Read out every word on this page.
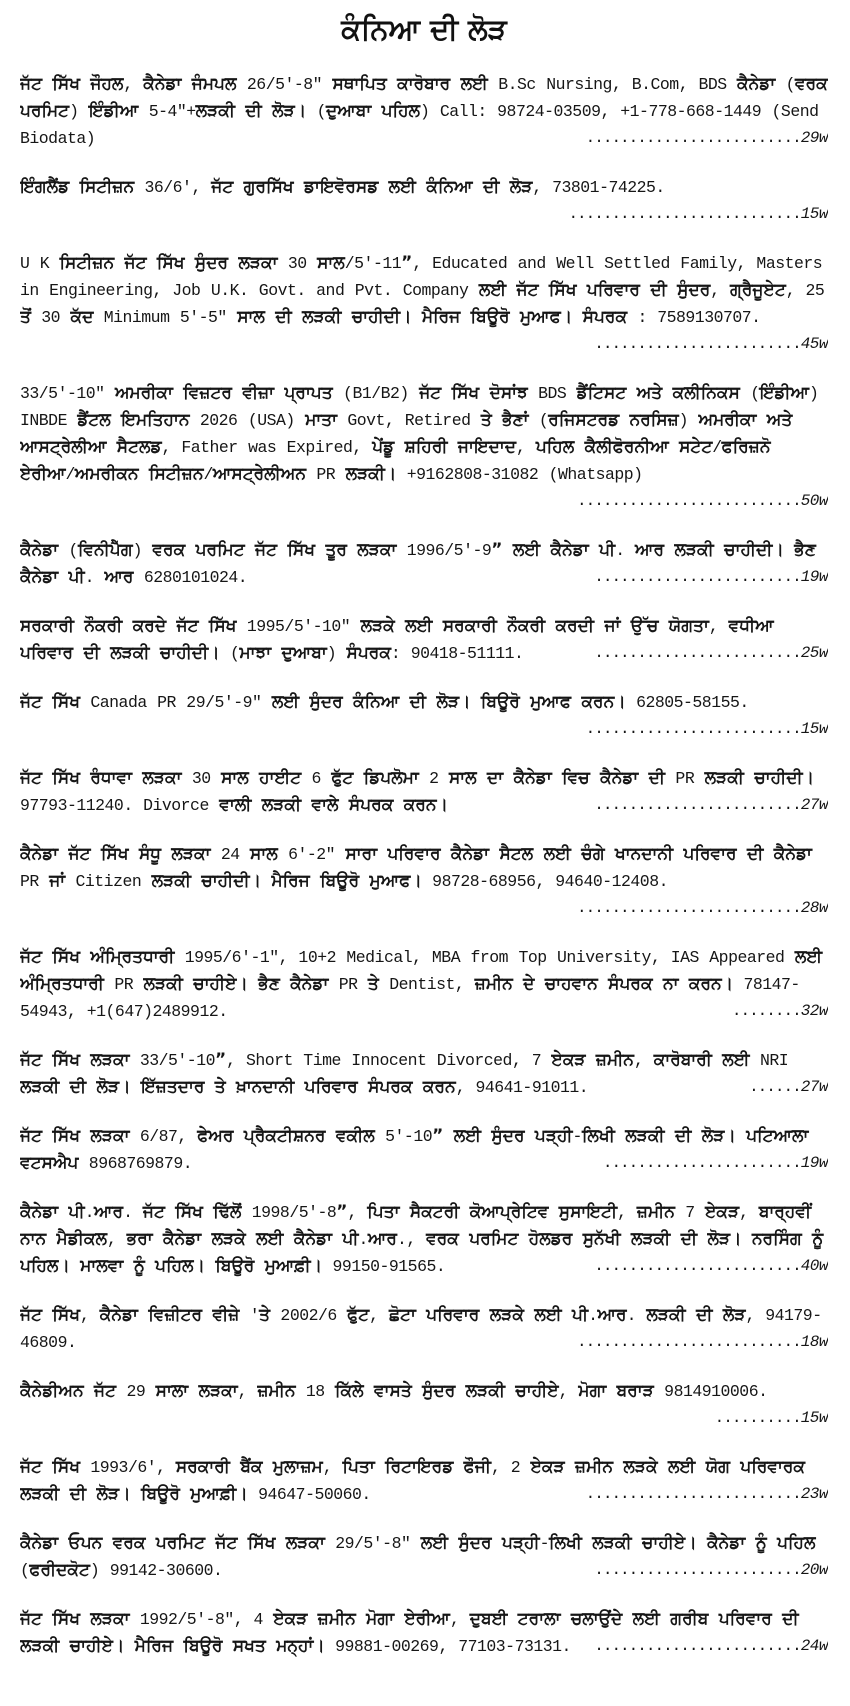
ਕੰਨਿਆ ਦੀ ਲੋੜ

ਜੱਟ ਸਿੱਖ ਜੌਹਲ, ਕੈਨੇਡਾ ਜੰਮਪਲ 26/5'-8" ਸਥਾਪਿਤ ਕਾਰੋਬਾਰ ਲਈ B.Sc Nursing, B.Com, BDS ਕੈਨੇਡਾ (ਵਰਕ ਪਰਮਿਟ) ਇੰਡੀਆ 5-4"+ਲੜਕੀ ਦੀ ਲੋੜ। (ਦੁਆਬਾ ਪਹਿਲ) Call: 98724-03509, +1-778-668-1449 (Send Biodata)	.........................29w

ਇੰਗਲੈਂਡ ਸਿਟੀਜ਼ਨ 36/6', ਜੱਟ ਗੁਰਸਿੱਖ ਡਾਇਵੋਰਸਡ ਲਈ ਕੰਨਿਆ ਦੀ ਲੋੜ, 73801-74225.
...........................15w

U K ਸਿਟੀਜ਼ਨ ਜੱਟ ਸਿੱਖ ਸੁੰਦਰ ਲੜਕਾ 30 ਸਾਲ/5'-11”, Educated and Well Settled Family, Masters in Engineering, Job U.K. Govt. and Pvt. Company ਲਈ ਜੱਟ ਸਿੱਖ ਪਰਿਵਾਰ ਦੀ ਸੁੰਦਰ, ਗ੍ਰੈਜੂਏਟ, 25 ਤੋਂ 30 ਕੱਦ Minimum 5'-5" ਸਾਲ ਦੀ ਲੜਕੀ ਚਾਹੀਦੀ। ਮੈਰਿਜ ਬਿਊਰੋ ਮੁਆਫ। ਸੰਪਰਕ : 7589130707.
........................45w

33/5'-10" ਅਮਰੀਕਾ ਵਿਜ਼ਟਰ ਵੀਜ਼ਾ ਪ੍ਰਾਪਤ (B1/B2) ਜੱਟ ਸਿੱਖ ਦੋਸਾਂਝ BDS ਡੈਂਟਿਸਟ ਅਤੇ ਕਲੀਨਿਕਸ (ਇੰਡੀਆ) INBDE ਡੈਂਟਲ ਇਮਤਿਹਾਨ 2026 (USA) ਮਾਤਾ Govt, Retired ਤੇ ਭੈਣਾਂ (ਰਜਿਸਟਰਡ ਨਰਸਿਜ਼) ਅਮਰੀਕਾ ਅਤੇ ਆਸਟ੍ਰੇਲੀਆ ਸੈਟਲਡ, Father was Expired, ਪੇਂਡੂ ਸ਼ਹਿਰੀ ਜਾਇਦਾਦ, ਪਹਿਲ ਕੈਲੀਫੋਰਨੀਆ ਸਟੇਟ/ਫਰਿਜ਼ਨੋ ਏਰੀਆ/ਅਮਰੀਕਨ ਸਿਟੀਜ਼ਨ/ਆਸਟ੍ਰੇਲੀਅਨ PR ਲੜਕੀ। +9162808-31082 (Whatsapp)
..........................50w

ਕੈਨੇਡਾ (ਵਿਨੀਪੈੱਗ) ਵਰਕ ਪਰਮਿਟ ਜੱਟ ਸਿੱਖ ਤੂਰ ਲੜਕਾ 1996/5'-9” ਲਈ ਕੈਨੇਡਾ ਪੀ. ਆਰ ਲੜਕੀ ਚਾਹੀਦੀ। ਭੈਣ ਕੈਨੇਡਾ ਪੀ. ਆਰ 6280101024.	........................19w

ਸਰਕਾਰੀ ਨੌਕਰੀ ਕਰਦੇ ਜੱਟ ਸਿੱਖ 1995/5'-10" ਲੜਕੇ ਲਈ ਸਰਕਾਰੀ ਨੌਕਰੀ ਕਰਦੀ ਜਾਂ ਉੱਚ ਯੋਗਤਾ, ਵਧੀਆ ਪਰਿਵਾਰ ਦੀ ਲੜਕੀ ਚਾਹੀਦੀ। (ਮਾਝਾ ਦੁਆਬਾ) ਸੰਪਰਕ: 90418-51111.	........................25w

ਜੱਟ ਸਿੱਖ Canada PR 29/5'-9" ਲਈ ਸੁੰਦਰ ਕੰਨਿਆ ਦੀ ਲੋੜ। ਬਿਊਰੋ ਮੁਆਫ ਕਰਨ। 62805-58155.
.........................15w

ਜੱਟ ਸਿੱਖ ਰੰਧਾਵਾ ਲੜਕਾ 30 ਸਾਲ ਹਾਈਟ 6 ਫੁੱਟ ਡਿਪਲੋਮਾ 2 ਸਾਲ ਦਾ ਕੈਨੇਡਾ ਵਿਚ ਕੈਨੇਡਾ ਦੀ PR ਲੜਕੀ ਚਾਹੀਦੀ। 97793-11240. Divorce ਵਾਲੀ ਲੜਕੀ ਵਾਲੇ ਸੰਪਰਕ ਕਰਨ।	........................27w

ਕੈਨੇਡਾ ਜੱਟ ਸਿੱਖ ਸੰਧੂ ਲੜਕਾ 24 ਸਾਲ 6'-2" ਸਾਰਾ ਪਰਿਵਾਰ ਕੈਨੇਡਾ ਸੈਟਲ ਲਈ ਚੰਗੇ ਖਾਨਦਾਨੀ ਪਰਿਵਾਰ ਦੀ ਕੈਨੇਡਾ PR ਜਾਂ Citizen ਲੜਕੀ ਚਾਹੀਦੀ। ਮੈਰਿਜ ਬਿਊਰੋ ਮੁਆਫ। 98728-68956, 94640-12408.
..........................28w

ਜੱਟ ਸਿੱਖ ਅੰਮ੍ਰਿਤਧਾਰੀ 1995/6'-1", 10+2 Medical, MBA from Top University, IAS Appeared ਲਈ ਅੰਮ੍ਰਿਤਧਾਰੀ PR ਲੜਕੀ ਚਾਹੀਏ। ਭੈਣ ਕੈਨੇਡਾ PR ਤੇ Dentist, ਜ਼ਮੀਨ ਦੇ ਚਾਹਵਾਨ ਸੰਪਰਕ ਨਾ ਕਰਨ। 78147-54943, +1(647)2489912.	........32w

ਜੱਟ ਸਿੱਖ ਲੜਕਾ 33/5'-10”, Short Time Innocent Divorced, 7 ਏਕੜ ਜ਼ਮੀਨ, ਕਾਰੋਬਾਰੀ ਲਈ NRI ਲੜਕੀ ਦੀ ਲੋੜ। ਇੱਜ਼ਤਦਾਰ ਤੇ ਖ਼ਾਨਦਾਨੀ ਪਰਿਵਾਰ ਸੰਪਰਕ ਕਰਨ, 94641-91011.	......27w

ਜੱਟ ਸਿੱਖ ਲੜਕਾ 6/87, ਫੇਅਰ ਪ੍ਰੈਕਟੀਸ਼ਨਰ ਵਕੀਲ 5'-10” ਲਈ ਸੁੰਦਰ ਪੜ੍ਹੀ-ਲਿਖੀ ਲੜਕੀ ਦੀ ਲੋੜ। ਪਟਿਆਲਾ ਵਟਸਐਪ 8968769879.	.......................19w

ਕੈਨੇਡਾ ਪੀ.ਆਰ. ਜੱਟ ਸਿੱਖ ਢਿੱਲੋਂ 1998/5'-8”, ਪਿਤਾ ਸੈਕਟਰੀ ਕੋਆਪ੍ਰੇਟਿਵ ਸੁਸਾਇਟੀ, ਜ਼ਮੀਨ 7 ਏਕੜ, ਬਾਰ੍ਹਵੀਂ ਨਾਨ ਮੈਡੀਕਲ, ਭਰਾ ਕੈਨੇਡਾ ਲੜਕੇ ਲਈ ਕੈਨੇਡਾ ਪੀ.ਆਰ., ਵਰਕ ਪਰਮਿਟ ਹੋਲਡਰ ਸੁਨੱਖੀ ਲੜਕੀ ਦੀ ਲੋੜ। ਨਰਸਿੰਗ ਨੂੰ ਪਹਿਲ। ਮਾਲਵਾ ਨੂੰ ਪਹਿਲ। ਬਿਊਰੋ ਮੁਆਫ਼ੀ। 99150-91565.	........................40w

ਜੱਟ ਸਿੱਖ, ਕੈਨੇਡਾ ਵਿਜ਼ੀਟਰ ਵੀਜ਼ੇ 'ਤੇ 2002/6 ਫੁੱਟ, ਛੋਟਾ ਪਰਿਵਾਰ ਲੜਕੇ ਲਈ ਪੀ.ਆਰ. ਲੜਕੀ ਦੀ ਲੋੜ, 94179-46809.	..........................18w

ਕੈਨੇਡੀਅਨ ਜੱਟ 29 ਸਾਲਾ ਲੜਕਾ, ਜ਼ਮੀਨ 18 ਕਿੱਲੇ ਵਾਸਤੇ ਸੁੰਦਰ ਲੜਕੀ ਚਾਹੀਏ, ਮੋਗਾ ਬਰਾੜ 9814910006.
..........15w

ਜੱਟ ਸਿੱਖ 1993/6', ਸਰਕਾਰੀ ਬੈਂਕ ਮੁਲਾਜ਼ਮ, ਪਿਤਾ ਰਿਟਾਇਰਡ ਫੌਜੀ, 2 ਏਕੜ ਜ਼ਮੀਨ ਲੜਕੇ ਲਈ ਯੋਗ ਪਰਿਵਾਰਕ ਲੜਕੀ ਦੀ ਲੋੜ। ਬਿਊਰੋ ਮੁਆਫ਼ੀ। 94647-50060.	.........................23w

ਕੈਨੇਡਾ ਓਪਨ ਵਰਕ ਪਰਮਿਟ ਜੱਟ ਸਿੱਖ ਲੜਕਾ 29/5'-8" ਲਈ ਸੁੰਦਰ ਪੜ੍ਹੀ-ਲਿਖੀ ਲੜਕੀ ਚਾਹੀਏ। ਕੈਨੇਡਾ ਨੂੰ ਪਹਿਲ (ਫਰੀਦਕੋਟ) 99142-30600.	........................20w

ਜੱਟ ਸਿੱਖ ਲੜਕਾ 1992/5'-8", 4 ਏਕੜ ਜ਼ਮੀਨ ਮੋਗਾ ਏਰੀਆ, ਦੁਬਈ ਟਰਾਲਾ ਚਲਾਉਂਦੇ ਲਈ ਗਰੀਬ ਪਰਿਵਾਰ ਦੀ ਲੜਕੀ ਚਾਹੀਏ। ਮੈਰਿਜ ਬਿਊਰੋ ਸਖਤ ਮਨ੍ਹਾਂ। 99881-00269, 77103-73131.	........................24w
